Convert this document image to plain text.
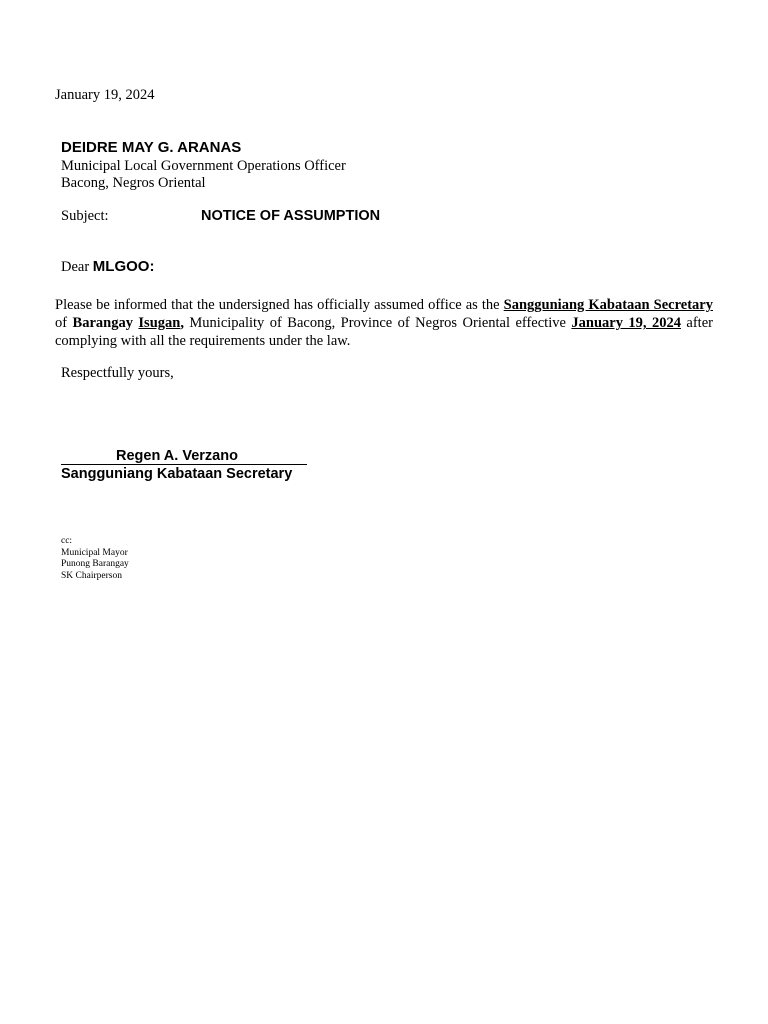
January 19, 2024
DEIDRE MAY G. ARANAS
Municipal Local Government Operations Officer
Bacong, Negros Oriental
Subject:	NOTICE OF ASSUMPTION
Dear MLGOO:
Please be informed that the undersigned has officially assumed office as the Sangguniang Kabataan Secretary of Barangay Isugan, Municipality of Bacong, Province of Negros Oriental effective January 19, 2024 after complying with all the requirements under the law.
Respectfully yours,
Regen A. Verzano
Sangguniang Kabataan Secretary
cc:
Municipal Mayor
Punong Barangay
SK Chairperson
